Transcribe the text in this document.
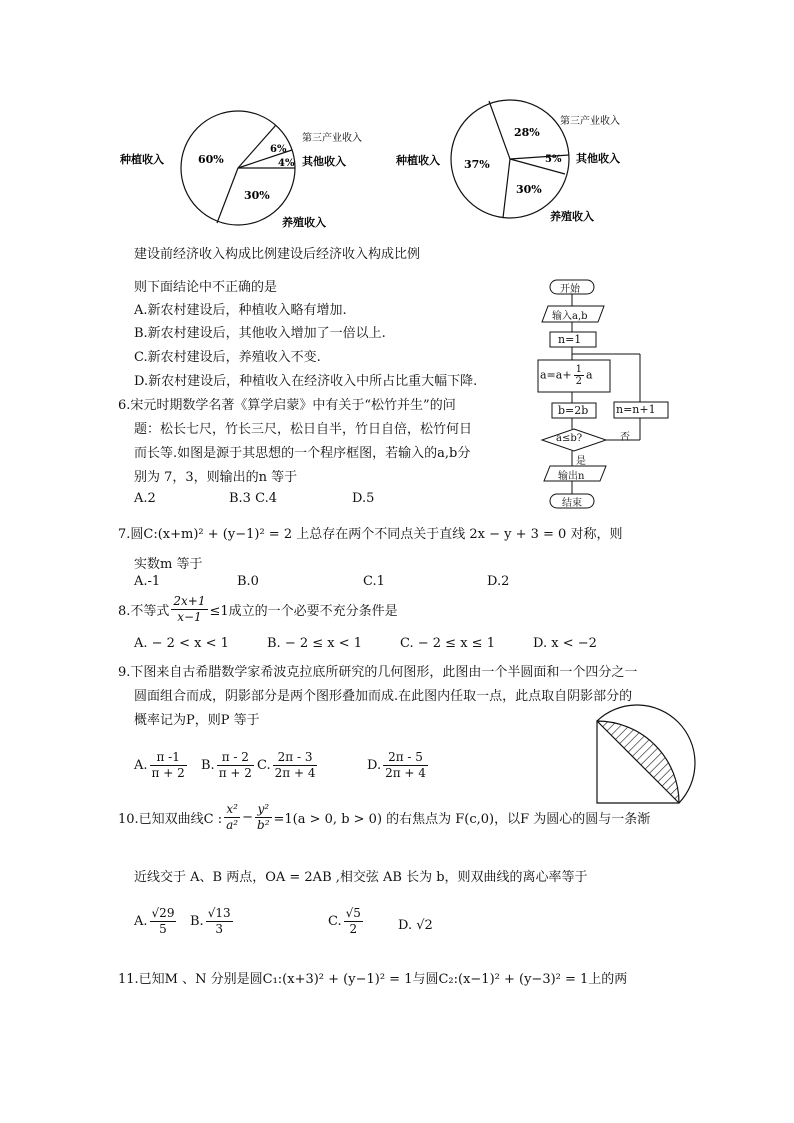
60%
6%
4%
30%
种植收入
第三产业收入
其他收入
养殖收入
28%
37%	5%
30%
种植收入
第三产业收入
其他收入
养殖收入
建设前经济收入构成比例建设后经济收入构成比例
则下面结论中不正确的是
A.新农村建设后，种植收入略有增加.
B.新农村建设后，其他收入增加了一倍以上.
C.新农村建设后，养殖收入不变.
D.新农村建设后，种植收入在经济收入中所占比重大幅下降.
开始
输入a,b
n=1
$a=a+ \frac{1}{2}$ a
b=2b	n=n+1
a≤b?	否
是
输出n
结束
6.宋元时期数学名著《算学启蒙》中有关于“松竹并生”的问
题：松长七尺，竹长三尺，松日自半，竹日自倍，松竹何日
而长等.如图是源于其思想的一个程序框图，若输入的a,b分
别为 7，3，则输出的n 等于
A.2	B.3 C.4	D.5
7.圆C:(x+m)² + (y−1)² = 2 上总存在两个不同点关于直线 2x − y + 3 = 0 对称，则
实数m 等于
A.-1	B.0	C.1	D.2
8.不等式 $\frac{2x+1}{x-1} \le 1$成立的一个必要不充分条件是
A. − 2 < x < 1	B. − 2 ≤ x < 1	C. − 2 ≤ x ≤ 1	D. x < −2
9.下图来自古希腊数学家希波克拉底所研究的几何图形，此图由一个半圆面和一个四分之一
圆面组合而成，阴影部分是两个图形叠加而成.在此图内任取一点，此点取自阴影部分的
概率记为P，则P 等于
A. $\frac{\pi -1}{\pi + 2} B$. $\frac{\pi - 2}{\pi + 2} C$. $\frac{2\pi - 3}{2\pi + 4}$	D. $\frac{2\pi - 5}{2\pi + 4}$
10.已知双曲线C : $\frac{\text{x²}}{\text{a²}} - \frac{\text{y²}}{\text{b²}} =1(a > 0$, b > 0) 的右焦点为 F(c,0)，以F 为圆心的圆与一条渐
近线交于 A、B 两点，OA = 2AB ,相交弦 AB 长为 b，则双曲线的离心率等于
A. $\frac{√29}{5} B$. $\frac{√13}{3}$	C. $\frac{√5}{2}$	D. √2
11.已知M 、N 分别是圆C₁:(x+3)² + (y−1)² = 1与圆C₂:(x−1)² + (y−3)² = 1上的两
